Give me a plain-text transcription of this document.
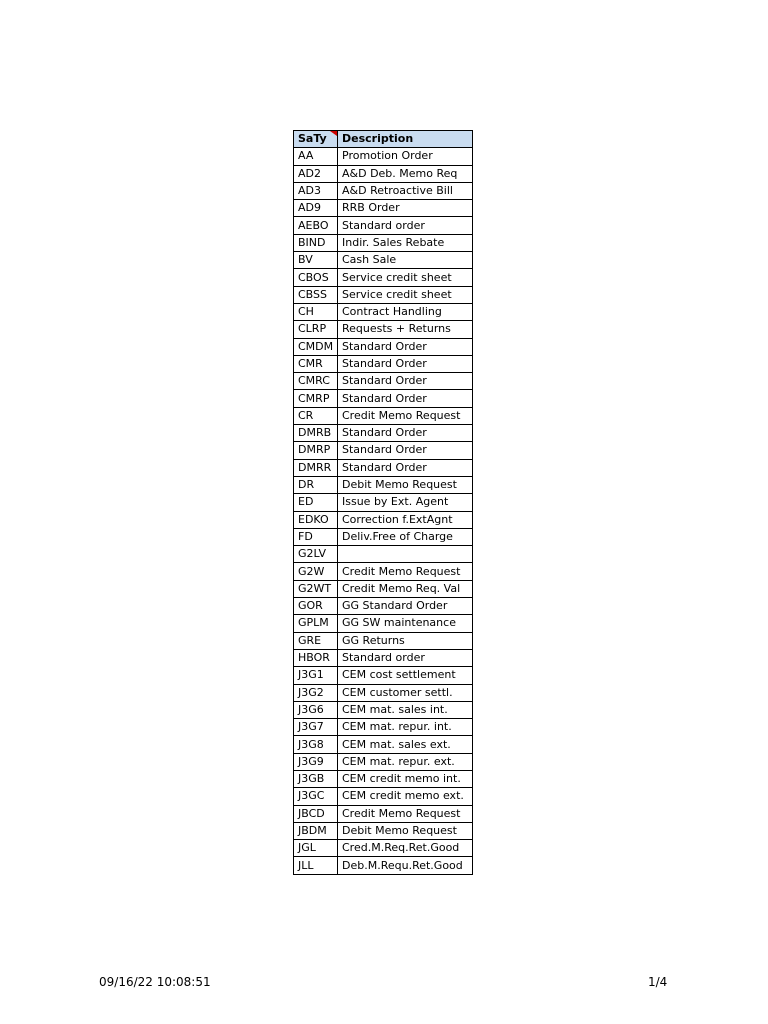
SaTy	Description
AA	Promotion Order
AD2	A&D Deb. Memo Req
AD3	A&D Retroactive Bill
AD9	RRB Order
AEBO	Standard order
BIND	Indir. Sales Rebate
BV	Cash Sale
CBOS	Service credit sheet
CBSS	Service credit sheet
CH	Contract Handling
CLRP	Requests + Returns
CMDM	Standard Order
CMR	Standard Order
CMRC	Standard Order
CMRP	Standard Order
CR	Credit Memo Request
DMRB	Standard Order
DMRP	Standard Order
DMRR	Standard Order
DR	Debit Memo Request
ED	Issue by Ext. Agent
EDKO	Correction f.ExtAgnt
FD	Deliv.Free of Charge
G2LV	
G2W	Credit Memo Request
G2WT	Credit Memo Req. Val
GOR	GG Standard Order
GPLM	GG SW maintenance
GRE	GG Returns
HBOR	Standard order
J3G1	CEM cost settlement
J3G2	CEM customer settl.
J3G6	CEM mat. sales int.
J3G7	CEM mat. repur. int.
J3G8	CEM mat. sales ext.
J3G9	CEM mat. repur. ext.
J3GB	CEM credit memo int.
J3GC	CEM credit memo ext.
JBCD	Credit Memo Request
JBDM	Debit Memo Request
JGL	Cred.M.Req.Ret.Good
JLL	Deb.M.Requ.Ret.Good
09/16/22 10:08:51	1/4
